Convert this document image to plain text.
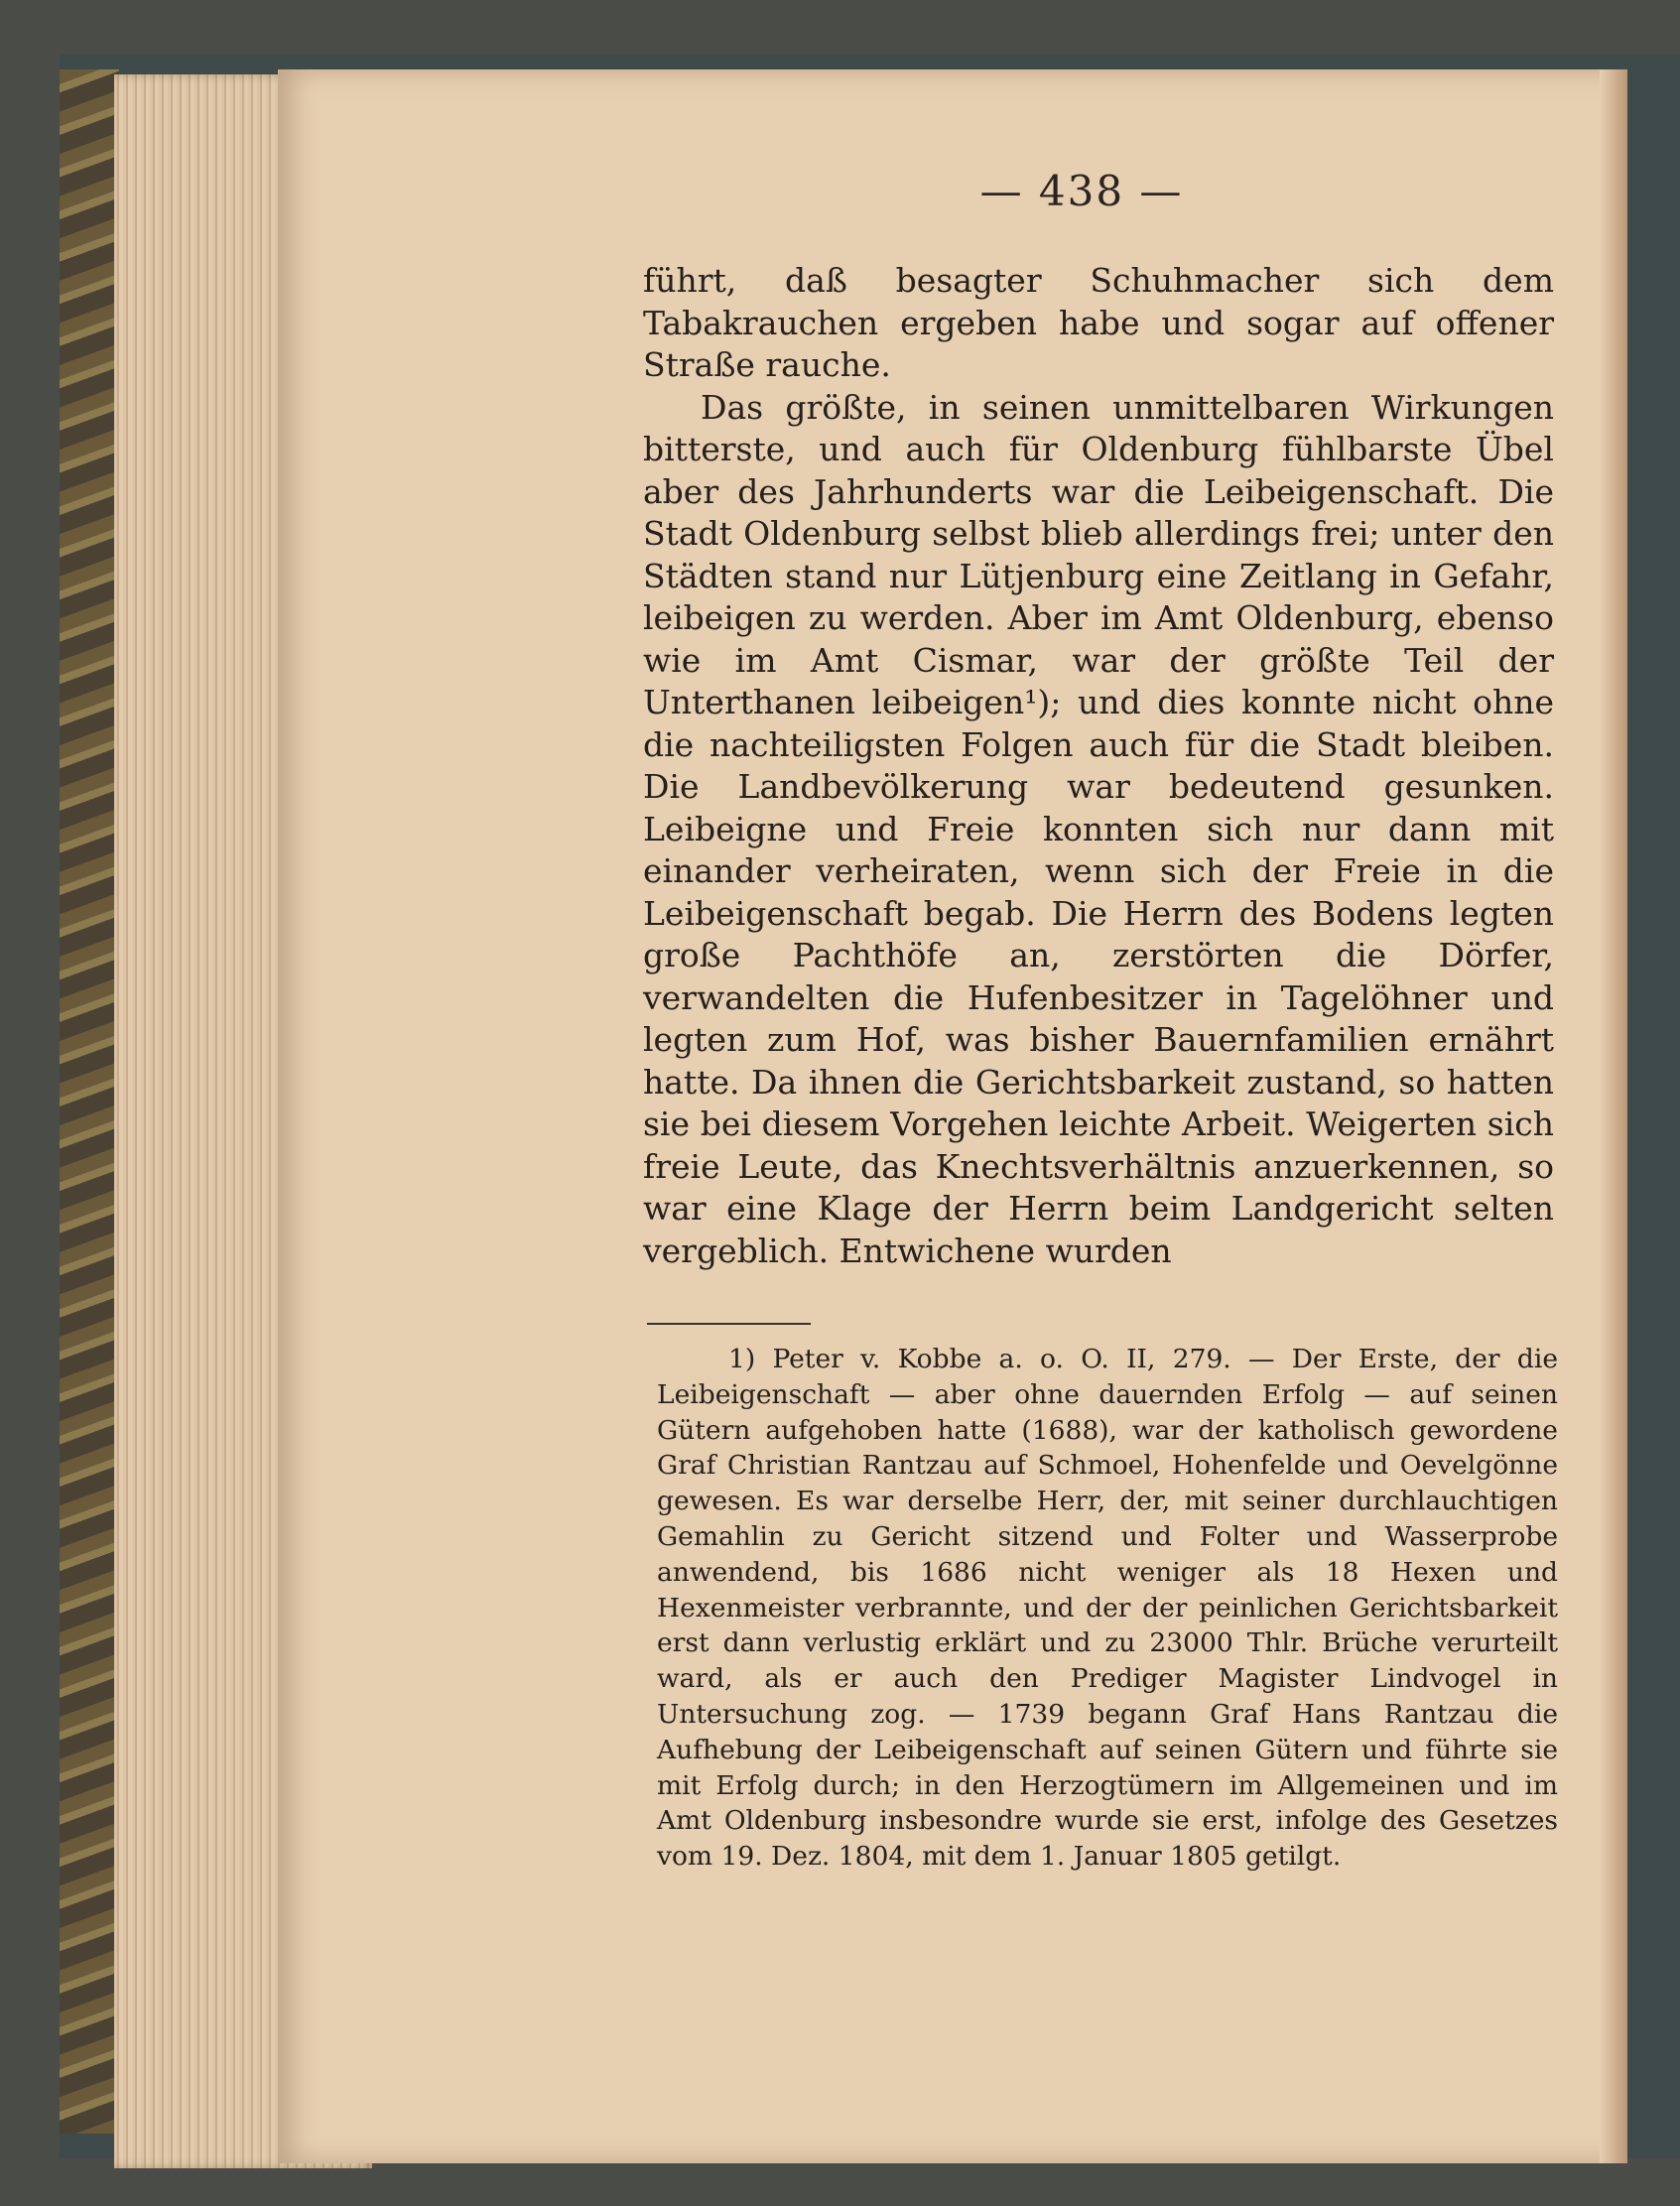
— 438 —

führt, daß besagter Schuhmacher sich dem Tabakrauchen ergeben habe und sogar auf offener Straße rauche.

Das größte, in seinen unmittelbaren Wirkungen bitterste, und auch für Oldenburg fühlbarste Übel aber des Jahrhunderts war die Leibeigenschaft. Die Stadt Oldenburg selbst blieb allerdings frei; unter den Städten stand nur Lütjenburg eine Zeitlang in Gefahr, leibeigen zu werden. Aber im Amt Oldenburg, ebenso wie im Amt Cismar, war der größte Teil der Unterthanen leibeigen¹); und dies konnte nicht ohne die nachteiligsten Folgen auch für die Stadt bleiben. Die Landbevölkerung war bedeutend gesunken. Leibeigne und Freie konnten sich nur dann mit einander verheiraten, wenn sich der Freie in die Leibeigenschaft begab. Die Herrn des Bodens legten große Pachthöfe an, zerstörten die Dörfer, verwandelten die Hufenbesitzer in Tagelöhner und legten zum Hof, was bisher Bauernfamilien ernährt hatte. Da ihnen die Gerichtsbarkeit zustand, so hatten sie bei diesem Vorgehen leichte Arbeit. Weigerten sich freie Leute, das Knechtsverhältnis anzuerkennen, so war eine Klage der Herrn beim Landgericht selten vergeblich. Entwichene wurden

1) Peter v. Kobbe a. o. O. II, 279. — Der Erste, der die Leibeigenschaft — aber ohne dauernden Erfolg — auf seinen Gütern aufgehoben hatte (1688), war der katholisch gewordene Graf Christian Rantzau auf Schmoel, Hohenfelde und Oevelgönne gewesen. Es war derselbe Herr, der, mit seiner durchlauchtigen Gemahlin zu Gericht sitzend und Folter und Wasserprobe anwendend, bis 1686 nicht weniger als 18 Hexen und Hexenmeister verbrannte, und der der peinlichen Gerichtsbarkeit erst dann verlustig erklärt und zu 23000 Thlr. Brüche verurteilt ward, als er auch den Prediger Magister Lindvogel in Untersuchung zog. — 1739 begann Graf Hans Rantzau die Aufhebung der Leibeigenschaft auf seinen Gütern und führte sie mit Erfolg durch; in den Herzogtümern im Allgemeinen und im Amt Oldenburg insbesondre wurde sie erst, infolge des Gesetzes vom 19. Dez. 1804, mit dem 1. Januar 1805 getilgt.
